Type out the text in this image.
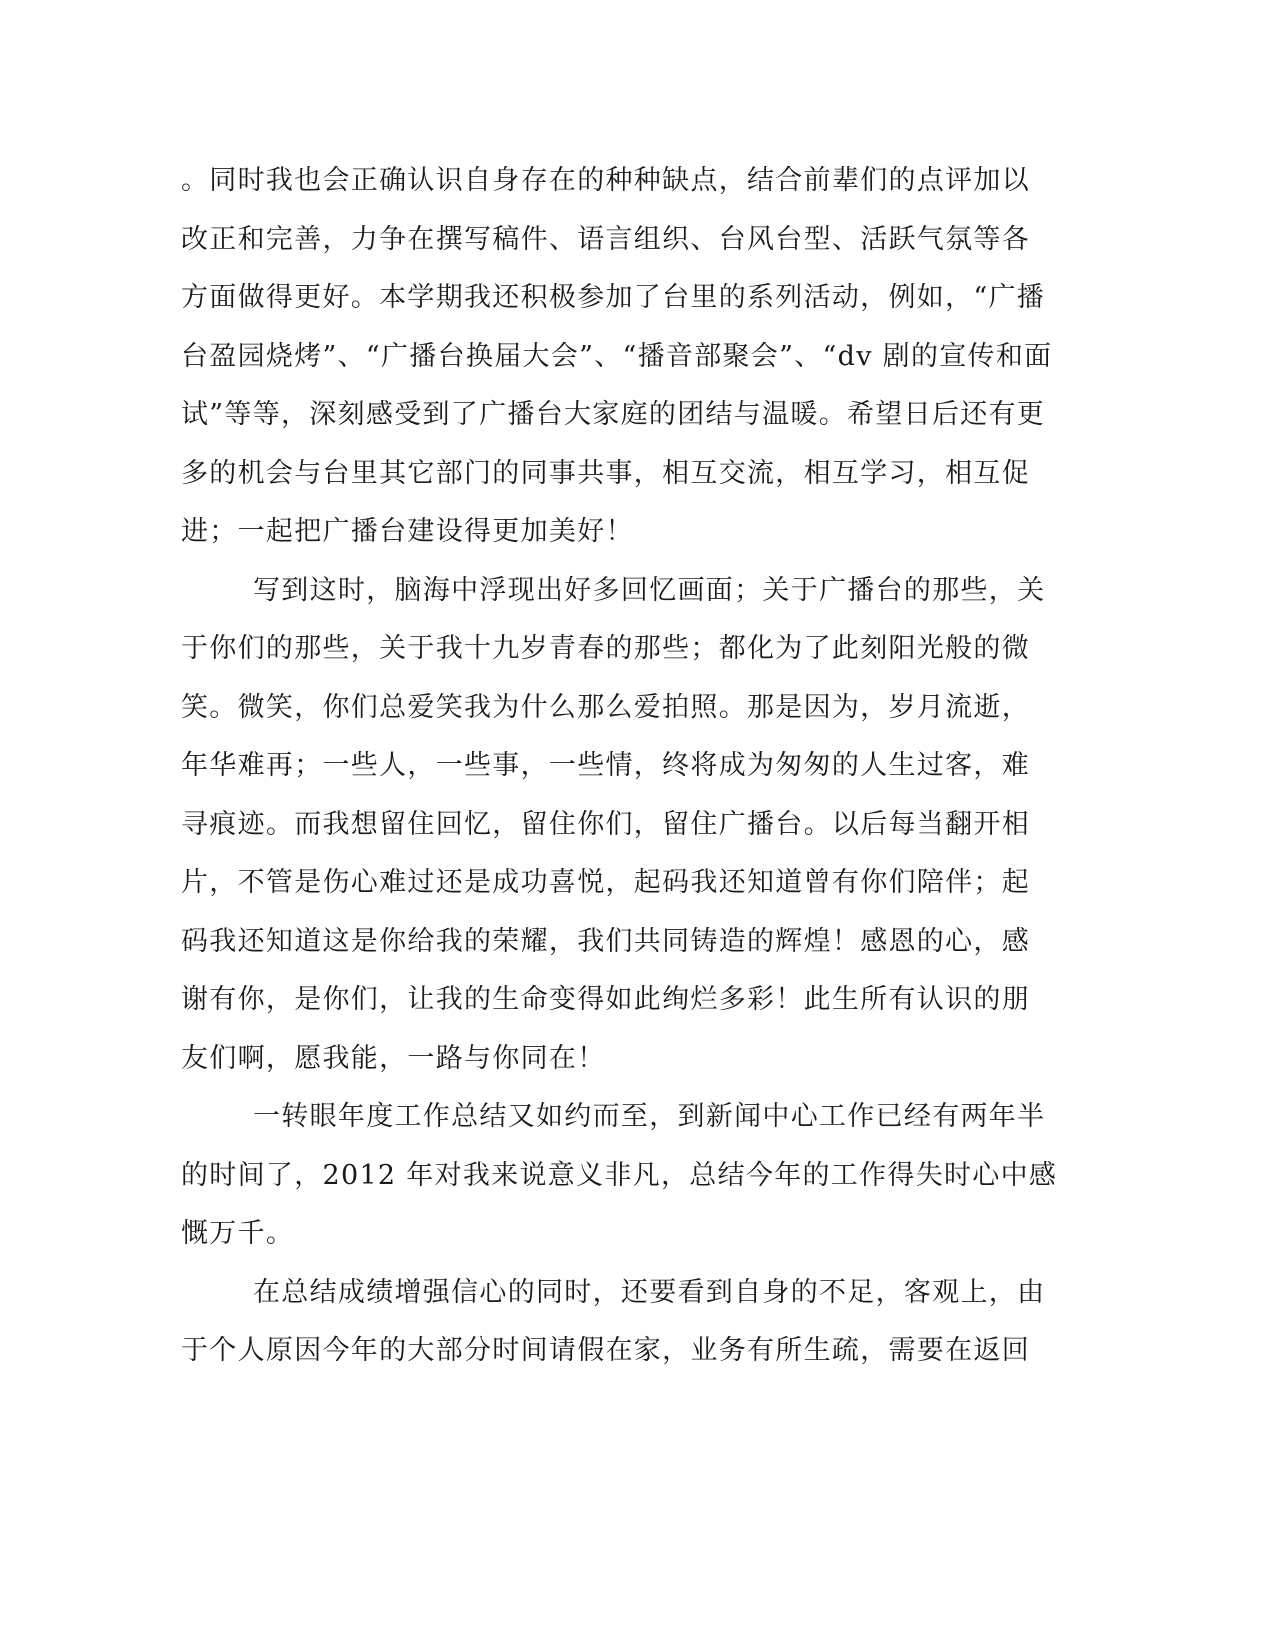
。同时我也会正确认识自身存在的种种缺点，结合前辈们的点评加以
改正和完善，力争在撰写稿件、语言组织、台风台型、活跃气氛等各
方面做得更好。本学期我还积极参加了台里的系列活动，例如，“广播
台盈园烧烤”、“广播台换届大会”、“播音部聚会”、“dv 剧的宣传和面
试”等等，深刻感受到了广播台大家庭的团结与温暖。希望日后还有更
多的机会与台里其它部门的同事共事，相互交流，相互学习，相互促
进；一起把广播台建设得更加美好！
写到这时，脑海中浮现出好多回忆画面；关于广播台的那些，关
于你们的那些，关于我十九岁青春的那些；都化为了此刻阳光般的微
笑。微笑，你们总爱笑我为什么那么爱拍照。那是因为，岁月流逝，
年华难再；一些人，一些事，一些情，终将成为匆匆的人生过客，难
寻痕迹。而我想留住回忆，留住你们，留住广播台。以后每当翻开相
片，不管是伤心难过还是成功喜悦，起码我还知道曾有你们陪伴；起
码我还知道这是你给我的荣耀，我们共同铸造的辉煌！感恩的心，感
谢有你，是你们，让我的生命变得如此绚烂多彩！此生所有认识的朋
友们啊，愿我能，一路与你同在！
一转眼年度工作总结又如约而至，到新闻中心工作已经有两年半
的时间了，2012 年对我来说意义非凡，总结今年的工作得失时心中感
慨万千。
在总结成绩增强信心的同时，还要看到自身的不足，客观上，由
于个人原因今年的大部分时间请假在家，业务有所生疏，需要在返回
